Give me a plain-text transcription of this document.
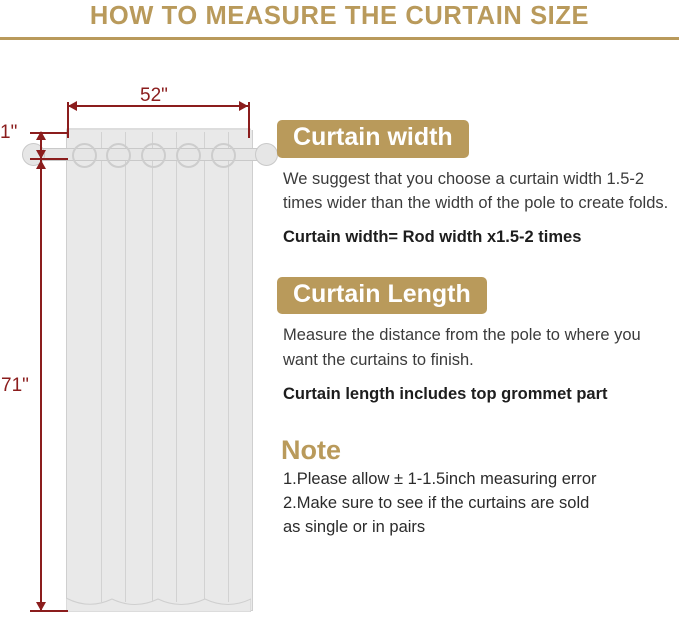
HOW TO MEASURE THE CURTAIN SIZE
52"
1"
71"
Curtain width
We suggest that you choose a curtain width 1.5-2 times wider than the width of the pole to create folds.
Curtain width= Rod width x1.5-2 times
Curtain Length
Measure the distance from the pole to where you want the curtains to finish.
Curtain length includes top grommet part
Note
1.Please allow ± 1-1.5inch measuring error
2.Make sure to see if the curtains are sold
as single or in pairs
